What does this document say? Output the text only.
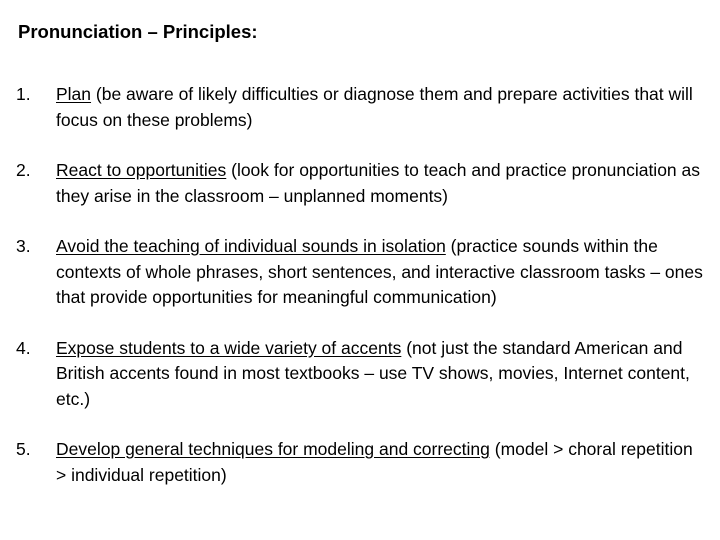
Pronunciation – Principles:
1. Plan (be aware of likely difficulties or diagnose them and prepare activities that will focus on these problems)
2. React to opportunities (look for opportunities to teach and practice pronunciation as they arise in the classroom – unplanned moments)
3. Avoid the teaching of individual sounds in isolation (practice sounds within the contexts of whole phrases, short sentences, and interactive classroom tasks – ones that provide opportunities for meaningful communication)
4. Expose students to a wide variety of accents (not just the standard American and British accents found in most textbooks – use TV shows, movies, Internet content, etc.)
5. Develop general techniques for modeling and correcting (model > choral repetition > individual repetition)
